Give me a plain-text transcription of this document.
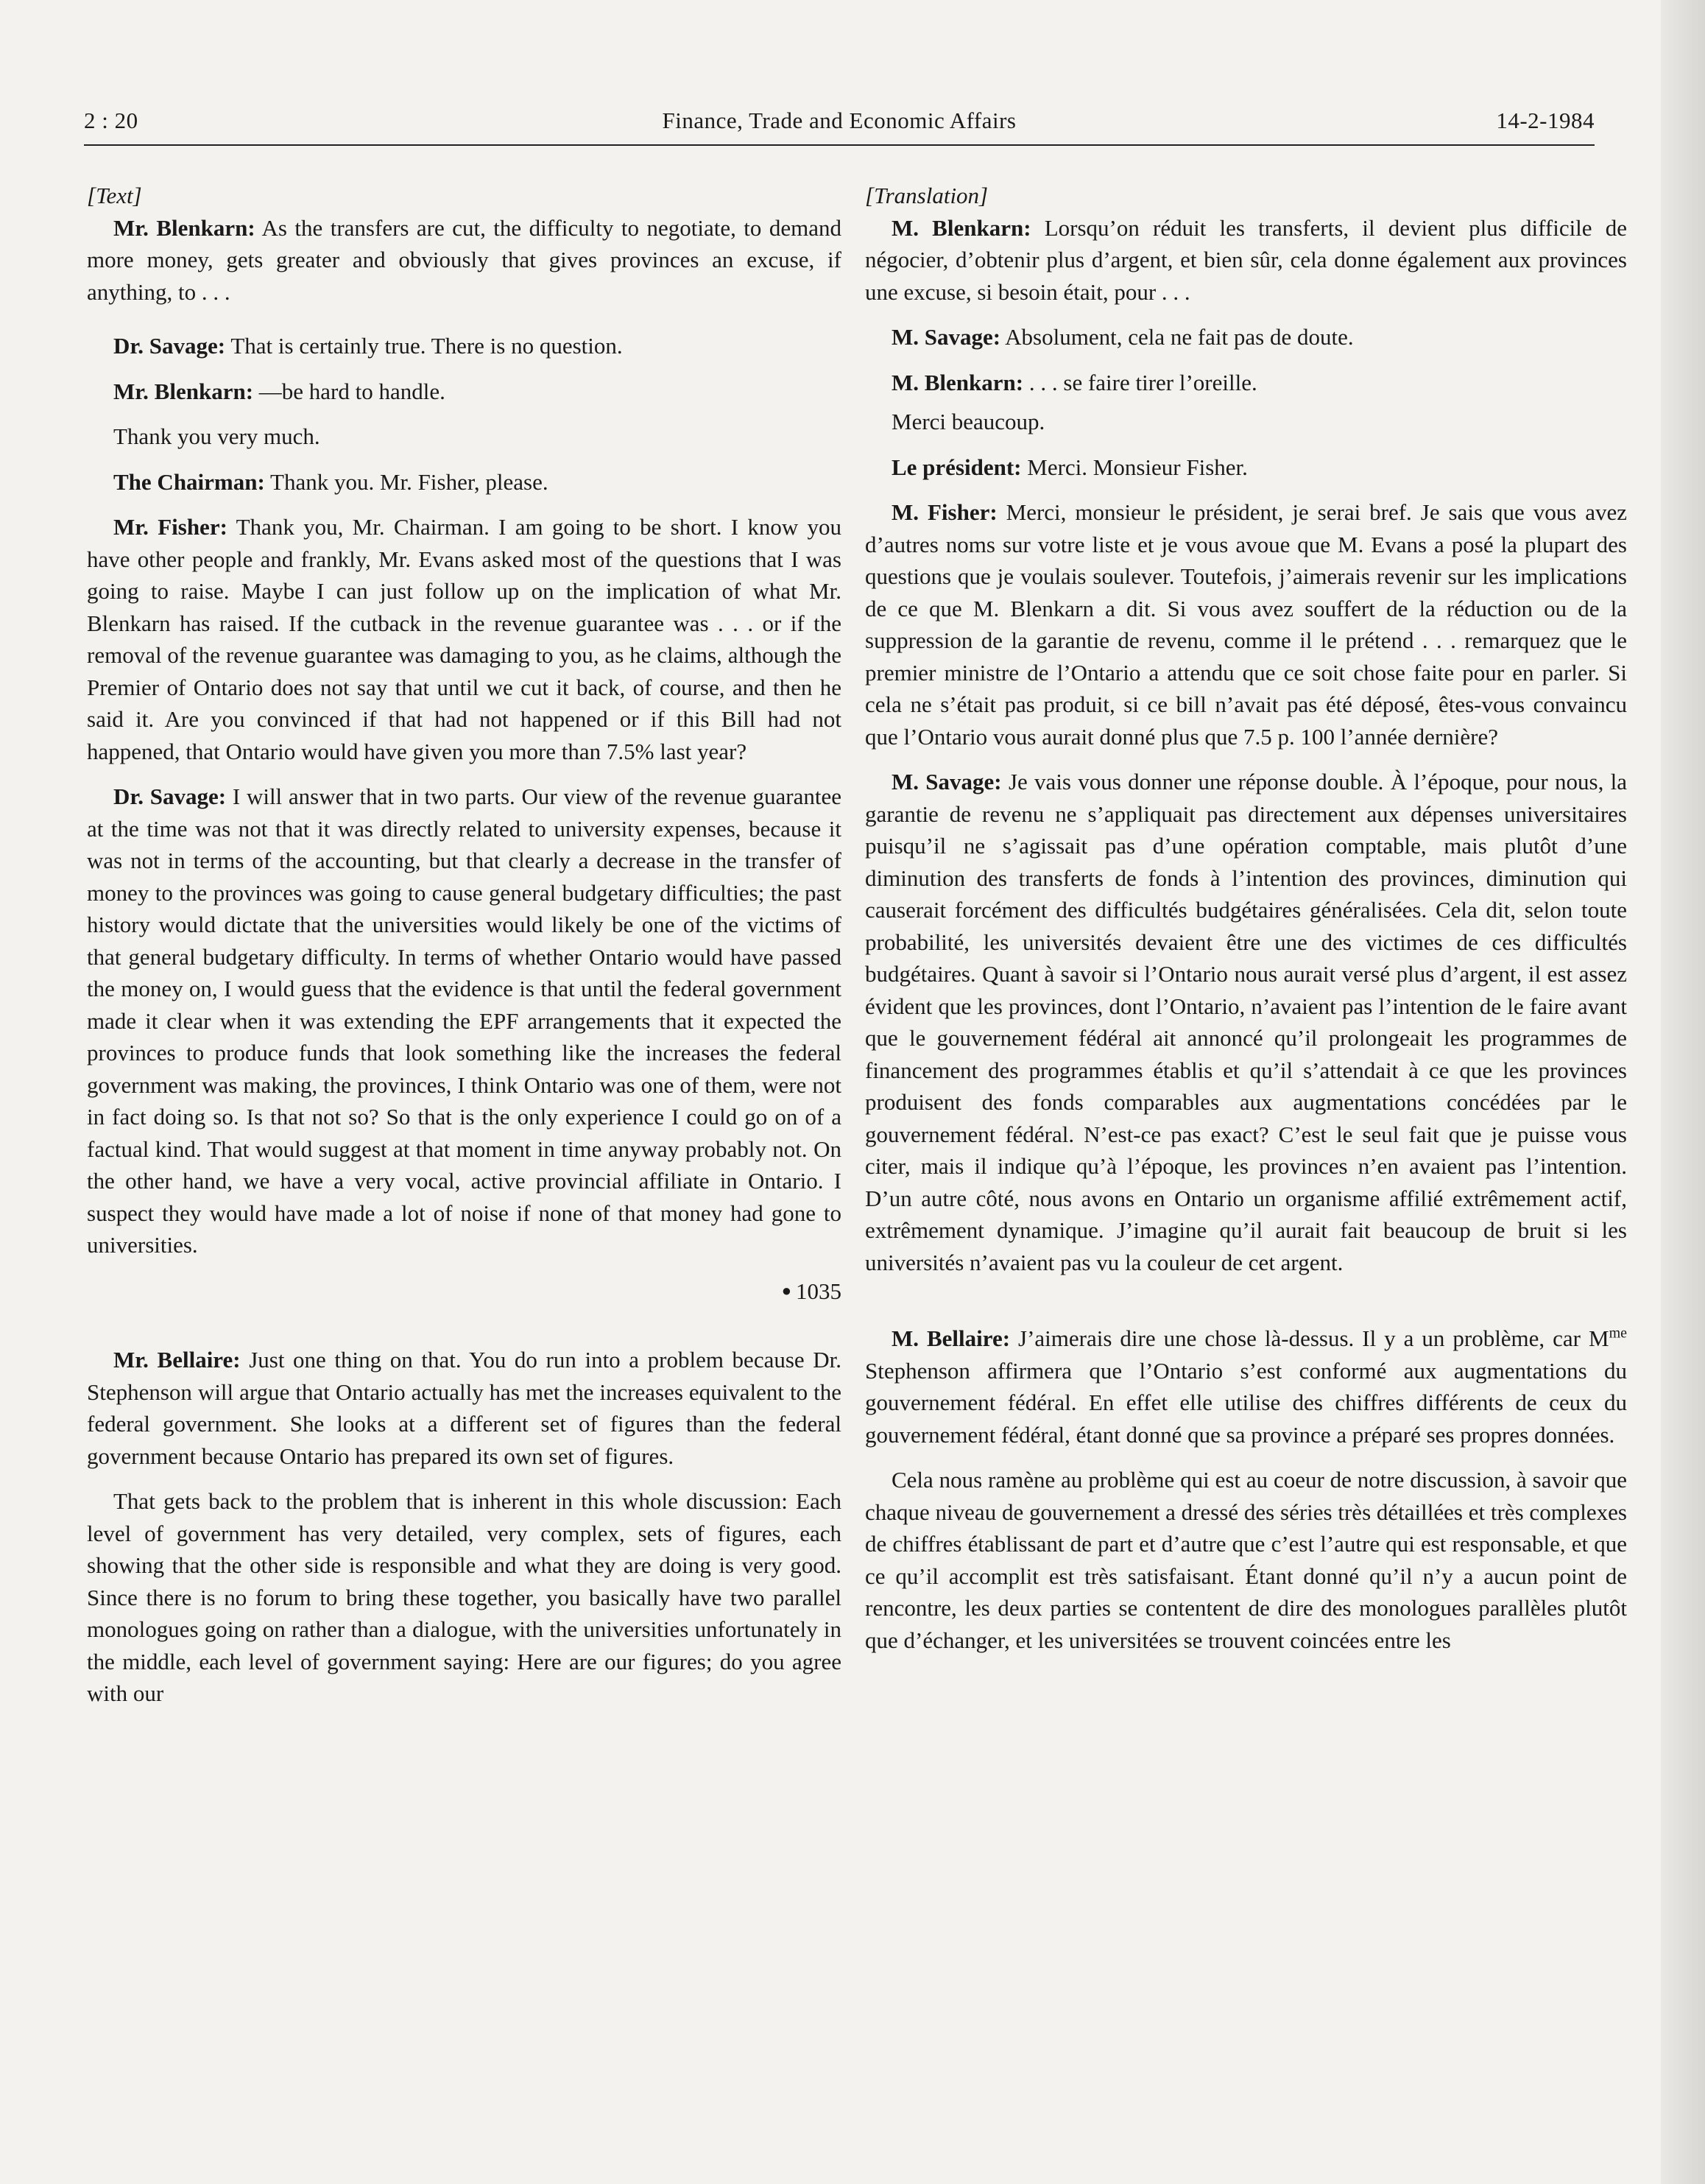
2 : 20	Finance, Trade and Economic Affairs	14-2-1984

[Text]

Mr. Blenkarn: As the transfers are cut, the difficulty to negotiate, to demand more money, gets greater and obviously that gives provinces an excuse, if anything, to . . .

Dr. Savage: That is certainly true. There is no question.

Mr. Blenkarn: —be hard to handle.

Thank you very much.

The Chairman: Thank you. Mr. Fisher, please.

Mr. Fisher: Thank you, Mr. Chairman. I am going to be short. I know you have other people and frankly, Mr. Evans asked most of the questions that I was going to raise. Maybe I can just follow up on the implication of what Mr. Blenkarn has raised. If the cutback in the revenue guarantee was . . . or if the removal of the revenue guarantee was damaging to you, as he claims, although the Premier of Ontario does not say that until we cut it back, of course, and then he said it. Are you convinced if that had not happened or if this Bill had not happened, that Ontario would have given you more than 7.5% last year?

Dr. Savage: I will answer that in two parts. Our view of the revenue guarantee at the time was not that it was directly related to university expenses, because it was not in terms of the accounting, but that clearly a decrease in the transfer of money to the provinces was going to cause general budgetary difficulties; the past history would dictate that the universities would likely be one of the victims of that general budgetary difficulty. In terms of whether Ontario would have passed the money on, I would guess that the evidence is that until the federal government made it clear when it was extending the EPF arrangements that it expected the provinces to produce funds that look something like the increases the federal government was making, the provinces, I think Ontario was one of them, were not in fact doing so. Is that not so? So that is the only experience I could go on of a factual kind. That would suggest at that moment in time anyway probably not. On the other hand, we have a very vocal, active provincial affiliate in Ontario. I suspect they would have made a lot of noise if none of that money had gone to universities.

● 1035

Mr. Bellaire: Just one thing on that. You do run into a problem because Dr. Stephenson will argue that Ontario actually has met the increases equivalent to the federal government. She looks at a different set of figures than the federal government because Ontario has prepared its own set of figures.

That gets back to the problem that is inherent in this whole discussion: Each level of government has very detailed, very complex, sets of figures, each showing that the other side is responsible and what they are doing is very good. Since there is no forum to bring these together, you basically have two parallel monologues going on rather than a dialogue, with the universities unfortunately in the middle, each level of government saying: Here are our figures; do you agree with our

[Translation]

M. Blenkarn: Lorsqu’on réduit les transferts, il devient plus difficile de négocier, d’obtenir plus d’argent, et bien sûr, cela donne également aux provinces une excuse, si besoin était, pour . . .

M. Savage: Absolument, cela ne fait pas de doute.

M. Blenkarn: . . . se faire tirer l’oreille.

Merci beaucoup.

Le président: Merci. Monsieur Fisher.

M. Fisher: Merci, monsieur le président, je serai bref. Je sais que vous avez d’autres noms sur votre liste et je vous avoue que M. Evans a posé la plupart des questions que je voulais soulever. Toutefois, j’aimerais revenir sur les implications de ce que M. Blenkarn a dit. Si vous avez souffert de la réduction ou de la suppression de la garantie de revenu, comme il le prétend . . . remarquez que le premier ministre de l’Ontario a attendu que ce soit chose faite pour en parler. Si cela ne s’était pas produit, si ce bill n’avait pas été déposé, êtes-vous convaincu que l’Ontario vous aurait donné plus que 7.5 p. 100 l’année dernière?

M. Savage: Je vais vous donner une réponse double. À l’époque, pour nous, la garantie de revenu ne s’appliquait pas directement aux dépenses universitaires puisqu’il ne s’agissait pas d’une opération comptable, mais plutôt d’une diminution des transferts de fonds à l’intention des provinces, diminution qui causerait forcément des difficultés budgétaires généralisées. Cela dit, selon toute probabilité, les universités devaient être une des victimes de ces difficultés budgétaires. Quant à savoir si l’Ontario nous aurait versé plus d’argent, il est assez évident que les provinces, dont l’Ontario, n’avaient pas l’intention de le faire avant que le gouvernement fédéral ait annoncé qu’il prolongeait les programmes de financement des programmes établis et qu’il s’attendait à ce que les provinces produisent des fonds comparables aux augmentations concédées par le gouvernement fédéral. N’est-ce pas exact? C’est le seul fait que je puisse vous citer, mais il indique qu’à l’époque, les provinces n’en avaient pas l’intention. D’un autre côté, nous avons en Ontario un organisme affilié extrêmement actif, extrêmement dynamique. J’imagine qu’il aurait fait beaucoup de bruit si les universités n’avaient pas vu la couleur de cet argent.

M. Bellaire: J’aimerais dire une chose là-dessus. Il y a un problème, car $M^{me}$ Stephenson affirmera que l’Ontario s’est conformé aux augmentations du gouvernement fédéral. En effet elle utilise des chiffres différents de ceux du gouvernement fédéral, étant donné que sa province a préparé ses propres données.

Cela nous ramène au problème qui est au coeur de notre discussion, à savoir que chaque niveau de gouvernement a dressé des séries très détaillées et très complexes de chiffres établissant de part et d’autre que c’est l’autre qui est responsable, et que ce qu’il accomplit est très satisfaisant. Étant donné qu’il n’y a aucun point de rencontre, les deux parties se contentent de dire des monologues parallèles plutôt que d’échanger, et les universitées se trouvent coincées entre les
